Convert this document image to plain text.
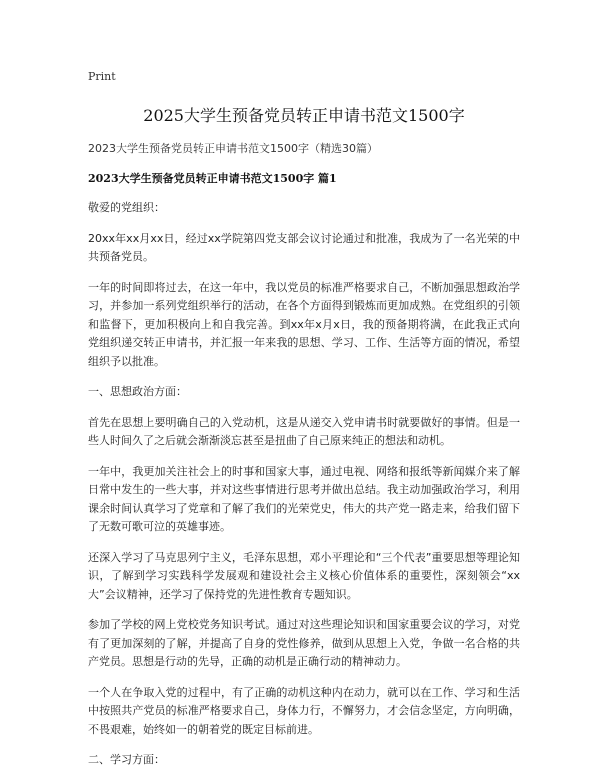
Print
2025大学生预备党员转正申请书范文1500字
2023大学生预备党员转正申请书范文1500字（精选30篇）
2023大学生预备党员转正申请书范文1500字 篇1

敬爱的党组织：

20xx年xx月xx日，经过xx学院第四党支部会议讨论通过和批准，我成为了一名光荣的中共预备党员。

一年的时间即将过去，在这一年中，我以党员的标准严格要求自己，不断加强思想政治学习，并参加一系列党组织举行的活动，在各个方面得到锻炼而更加成熟。在党组织的引领和监督下，更加积极向上和自我完善。到xx年x月x日，我的预备期将满，在此我正式向党组织递交转正申请书，并汇报一年来我的思想、学习、工作、生活等方面的情况，希望组织予以批准。

一、思想政治方面：

首先在思想上要明确自己的入党动机，这是从递交入党申请书时就要做好的事情。但是一些人时间久了之后就会渐渐淡忘甚至是扭曲了自己原来纯正的想法和动机。

一年中，我更加关注社会上的时事和国家大事，通过电视、网络和报纸等新闻媒介来了解日常中发生的一些大事，并对这些事情进行思考并做出总结。我主动加强政治学习，利用课余时间认真学习了党章和了解了我们的光荣党史，伟大的共产党一路走来，给我们留下了无数可歌可泣的英雄事迹。

还深入学习了马克思列宁主义，毛泽东思想，邓小平理论和“三个代表”重要思想等理论知识，了解到学习实践科学发展观和建设社会主义核心价值体系的重要性，深刻领会“xx大”会议精神，还学习了保持党的先进性教育专题知识。

参加了学校的网上党校党务知识考试。通过对这些理论知识和国家重要会议的学习，对党有了更加深刻的了解，并提高了自身的党性修养，做到从思想上入党，争做一名合格的共产党员。思想是行动的先导，正确的动机是正确行动的精神动力。

一个人在争取入党的过程中，有了正确的动机这种内在动力，就可以在工作、学习和生活中按照共产党员的标准严格要求自己，身体力行，不懈努力，才会信念坚定，方向明确，不畏艰难，始终如一的朝着党的既定目标前进。

二、学习方面：
